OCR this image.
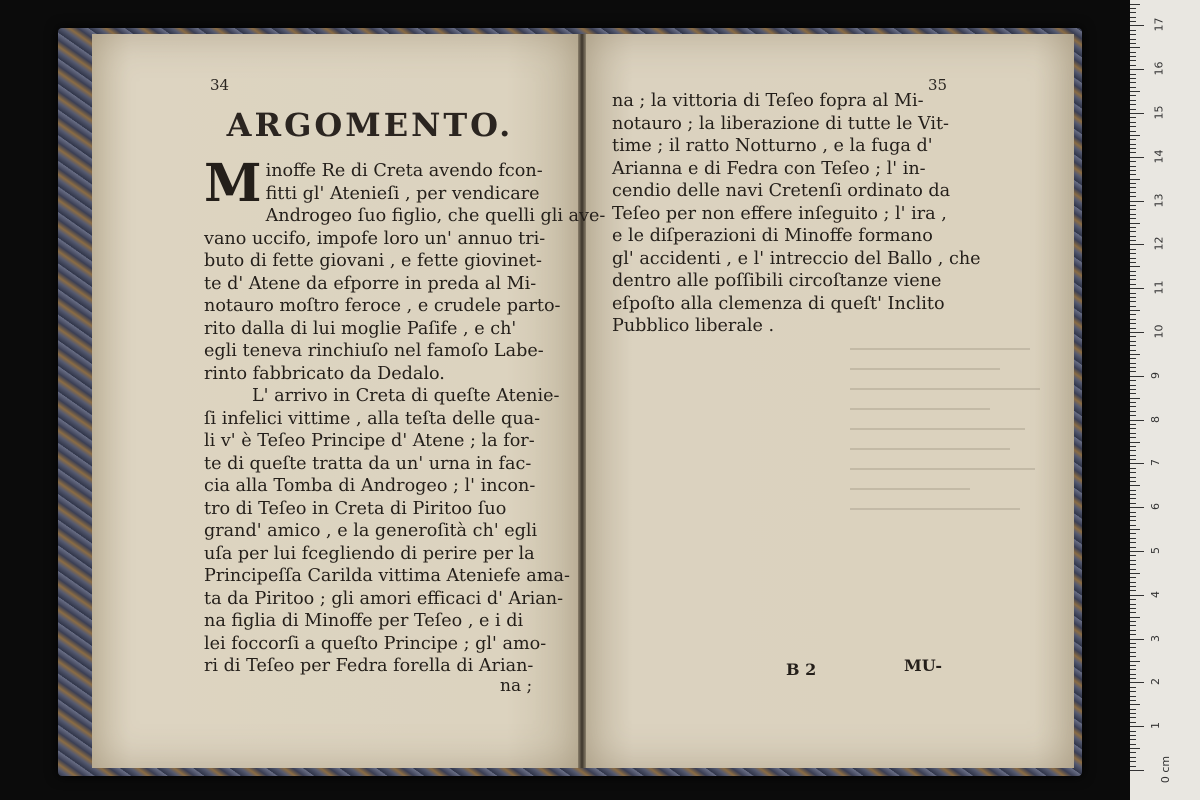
34	35
ARGOMENTO.
M inoffe Re di Creta avendo fcon-
fitti gl' Atenieſi , per vendicare
Androgeo ſuo figlio, che quelli gli ave-
vano uccifo, impofe loro un' annuo tri-
buto di fette giovani , e fette giovinet-
te d' Atene da efporre in preda al Mi-
notauro moſtro feroce , e crudele parto-
rito dalla di lui moglie Paſife , e ch'
egli teneva rinchiuſo nel famoſo Labe-
rinto fabbricato da Dedalo.
L' arrivo in Creta di queſte Atenie-
ſi infelici vittime , alla teſta delle qua-
li v' è Teſeo Principe d' Atene ; la for-
te di queſte tratta da un' urna in fac-
cia alla Tomba di Androgeo ; l' incon-
tro di Teſeo in Creta di Piritoo ſuo
grand' amico , e la generoſità ch' egli
uſa per lui fcegliendo di perire per la
Principeſſa Carilda vittima Ateniefe ama-
ta da Piritoo ; gli amori efficaci d' Arian-
na figlia di Minoffe per Teſeo , e i di
lei foccorſi a queſto Principe ; gl' amo-
ri di Teſeo per Fedra forella di Arian-
na ;
na ; la vittoria di Teſeo fopra al Mi-
notauro ; la liberazione di tutte le Vit-
time ; il ratto Notturno , e la fuga d'
Arianna e di Fedra con Teſeo ; l' in-
cendio delle navi Cretenſi ordinato da
Teſeo per non effere inſeguito ; l' ira ,
e le diſperazioni di Minoffe formano
gl' accidenti , e l' intreccio del Ballo , che
dentro alle poſſibili circoſtanze viene
eſpoſto alla clemenza di queſt' Inclito
Pubblico liberale .
B 2	MU-
0 cm
1
2
3
4
5
6
7
8
9
10
11
12
13
14
15
16
17
